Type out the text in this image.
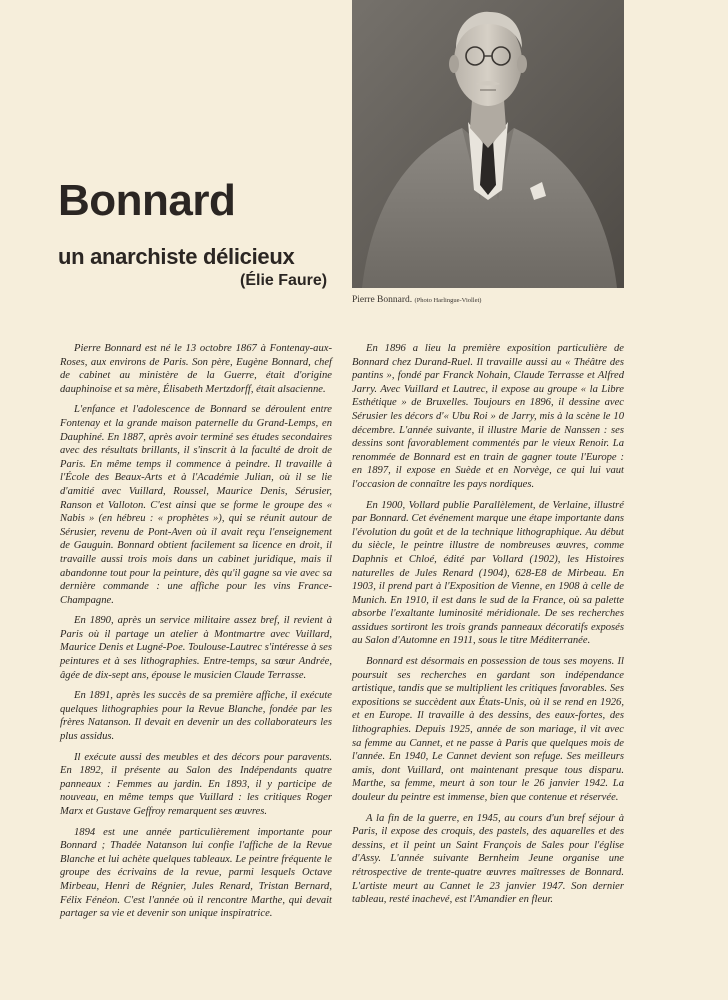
Bonnard
un anarchiste délicieux
(Élie Faure)
Pierre Bonnard. (Photo Harlingue-Viollet)

Pierre Bonnard est né le 13 octobre 1867 à Fontenay-aux-Roses, aux environs de Paris. Son père, Eugène Bonnard, chef de cabinet au ministère de la Guerre, était d'origine dauphinoise et sa mère, Élisabeth Mertzdorff, était alsacienne.

L'enfance et l'adolescence de Bonnard se déroulent entre Fontenay et la grande maison paternelle du Grand-Lemps, en Dauphiné. En 1887, après avoir terminé ses études secondaires avec des résultats brillants, il s'inscrit à la faculté de droit de Paris. En même temps il commence à peindre. Il travaille à l'École des Beaux-Arts et à l'Académie Julian, où il se lie d'amitié avec Vuillard, Roussel, Maurice Denis, Sérusier, Ranson et Valloton. C'est ainsi que se forme le groupe des « Nabis » (en hébreu : « prophètes »), qui se réunit autour de Sérusier, revenu de Pont-Aven où il avait reçu l'enseignement de Gauguin. Bonnard obtient facilement sa licence en droit, il travaille aussi trois mois dans un cabinet juridique, mais il abandonne tout pour la peinture, dès qu'il gagne sa vie avec sa dernière commande : une affiche pour les vins France-Champagne.

En 1890, après un service militaire assez bref, il revient à Paris où il partage un atelier à Montmartre avec Vuillard, Maurice Denis et Lugné-Poe. Toulouse-Lautrec s'intéresse à ses peintures et à ses lithographies. Entre-temps, sa sœur Andrée, âgée de dix-sept ans, épouse le musicien Claude Terrasse.

En 1891, après les succès de sa première affiche, il exécute quelques lithographies pour la Revue Blanche, fondée par les frères Natanson. Il devait en devenir un des collaborateurs les plus assidus.

Il exécute aussi des meubles et des décors pour paravents. En 1892, il présente au Salon des Indépendants quatre panneaux : Femmes au jardin. En 1893, il y participe de nouveau, en même temps que Vuillard : les critiques Roger Marx et Gustave Geffroy remarquent ses œuvres.

1894 est une année particulièrement importante pour Bonnard ; Thadée Natanson lui confie l'affiche de la Revue Blanche et lui achète quelques tableaux. Le peintre fréquente le groupe des écrivains de la revue, parmi lesquels Octave Mirbeau, Henri de Régnier, Jules Renard, Tristan Bernard, Félix Fénéon. C'est l'année où il rencontre Marthe, qui devait partager sa vie et devenir son unique inspiratrice.

En 1896 a lieu la première exposition particulière de Bonnard chez Durand-Ruel. Il travaille aussi au « Théâtre des pantins », fondé par Franck Nohain, Claude Terrasse et Alfred Jarry. Avec Vuillard et Lautrec, il expose au groupe « la Libre Esthétique » de Bruxelles. Toujours en 1896, il dessine avec Sérusier les décors d'« Ubu Roi » de Jarry, mis à la scène le 10 décembre. L'année suivante, il illustre Marie de Nanssen : ses dessins sont favorablement commentés par le vieux Renoir. La renommée de Bonnard est en train de gagner toute l'Europe : en 1897, il expose en Suède et en Norvège, ce qui lui vaut l'occasion de connaître les pays nordiques.

En 1900, Vollard publie Parallèlement, de Verlaine, illustré par Bonnard. Cet événement marque une étape importante dans l'évolution du goût et de la technique lithographique. Au début du siècle, le peintre illustre de nombreuses œuvres, comme Daphnis et Chloé, édité par Vollard (1902), les Histoires naturelles de Jules Renard (1904), 628-E8 de Mirbeau. En 1903, il prend part à l'Exposition de Vienne, en 1908 à celle de Munich. En 1910, il est dans le sud de la France, où sa palette absorbe l'exaltante luminosité méridionale. De ses recherches assidues sortiront les trois grands panneaux décoratifs exposés au Salon d'Automne en 1911, sous le titre Méditerranée.

Bonnard est désormais en possession de tous ses moyens. Il poursuit ses recherches en gardant son indépendance artistique, tandis que se multiplient les critiques favorables. Ses expositions se succèdent aux États-Unis, où il se rend en 1926, et en Europe. Il travaille à des dessins, des eaux-fortes, des lithographies. Depuis 1925, année de son mariage, il vit avec sa femme au Cannet, et ne passe à Paris que quelques mois de l'année. En 1940, Le Cannet devient son refuge. Ses meilleurs amis, dont Vuillard, ont maintenant presque tous disparu. Marthe, sa femme, meurt à son tour le 26 janvier 1942. La douleur du peintre est immense, bien que contenue et réservée.

A la fin de la guerre, en 1945, au cours d'un bref séjour à Paris, il expose des croquis, des pastels, des aquarelles et des dessins, et il peint un Saint François de Sales pour l'église d'Assy. L'année suivante Bernheim Jeune organise une rétrospective de trente-quatre œuvres maîtresses de Bonnard. L'artiste meurt au Cannet le 23 janvier 1947. Son dernier tableau, resté inachevé, est l'Amandier en fleur.
